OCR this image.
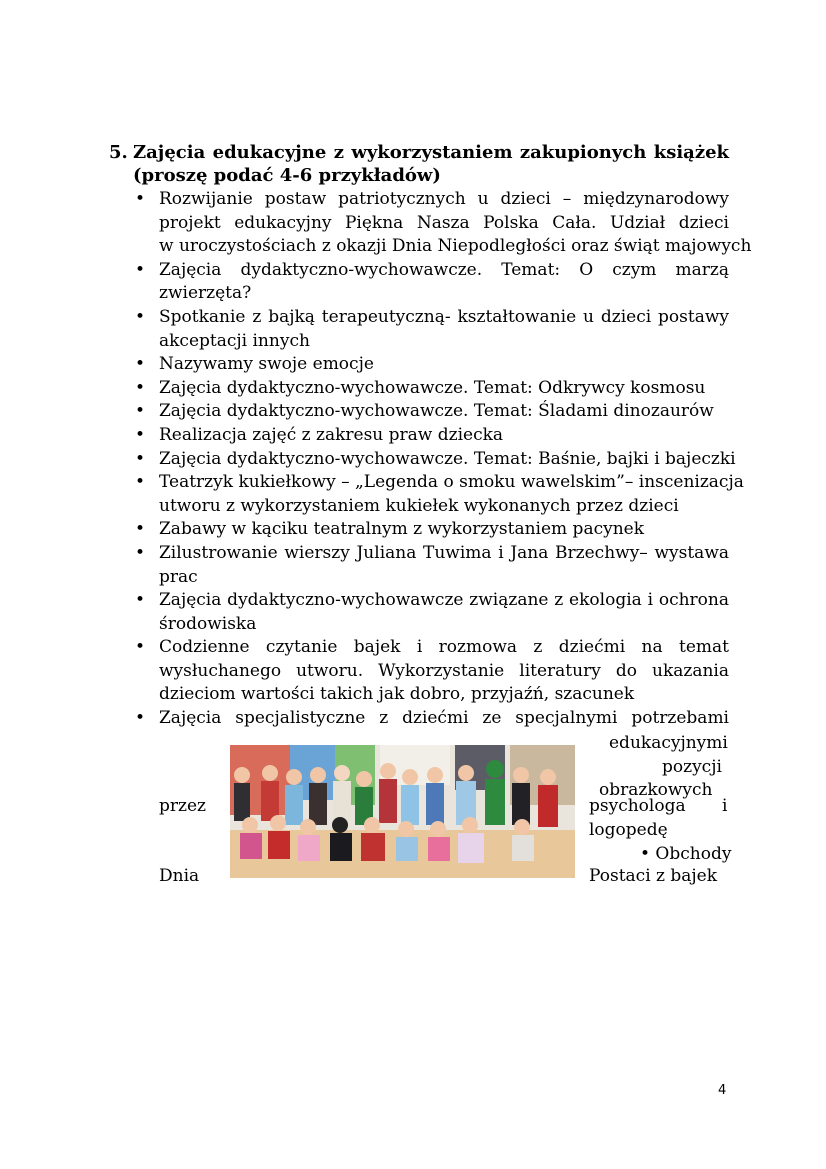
5. Zajęcia edukacyjne z wykorzystaniem zakupionych książek
(proszę podać 4-6 przykładów)
• Rozwijanie postaw patriotycznych u dzieci – międzynarodowy
projekt edukacyjny Piękna Nasza Polska Cała. Udział dzieci
w uroczystościach z okazji Dnia Niepodległości oraz świąt majowych
• Zajęcia dydaktyczno-wychowawcze. Temat: O czym marzą
zwierzęta?
• Spotkanie z bajką terapeutyczną- kształtowanie u dzieci postawy
akceptacji innych
• Nazywamy swoje emocje
• Zajęcia dydaktyczno-wychowawcze. Temat: Odkrywcy kosmosu
• Zajęcia dydaktyczno-wychowawcze. Temat: Śladami dinozaurów
• Realizacja zajęć z zakresu praw dziecka
• Zajęcia dydaktyczno-wychowawcze. Temat: Baśnie, bajki i bajeczki
• Teatrzyk kukiełkowy – „Legenda o smoku wawelskim”– inscenizacja
utworu z wykorzystaniem kukiełek wykonanych przez dzieci
• Zabawy w kąciku teatralnym z wykorzystaniem pacynek
• Zilustrowanie wierszy Juliana Tuwima i Jana Brzechwy– wystawa
prac
• Zajęcia dydaktyczno-wychowawcze związane z ekologia i ochrona
środowiska
• Codzienne czytanie bajek i rozmowa z dziećmi na temat
wysłuchanego utworu. Wykorzystanie literatury do ukazania
dzieciom wartości takich jak dobro, przyjaźń, szacunek
• Zajęcia specjalistyczne z dziećmi ze specjalnymi potrzebami
edukacyjnymi
pozycji
obrazkowych
przez	psychologa i
logopedę
• Obchody
Dnia	Postaci z bajek
4
